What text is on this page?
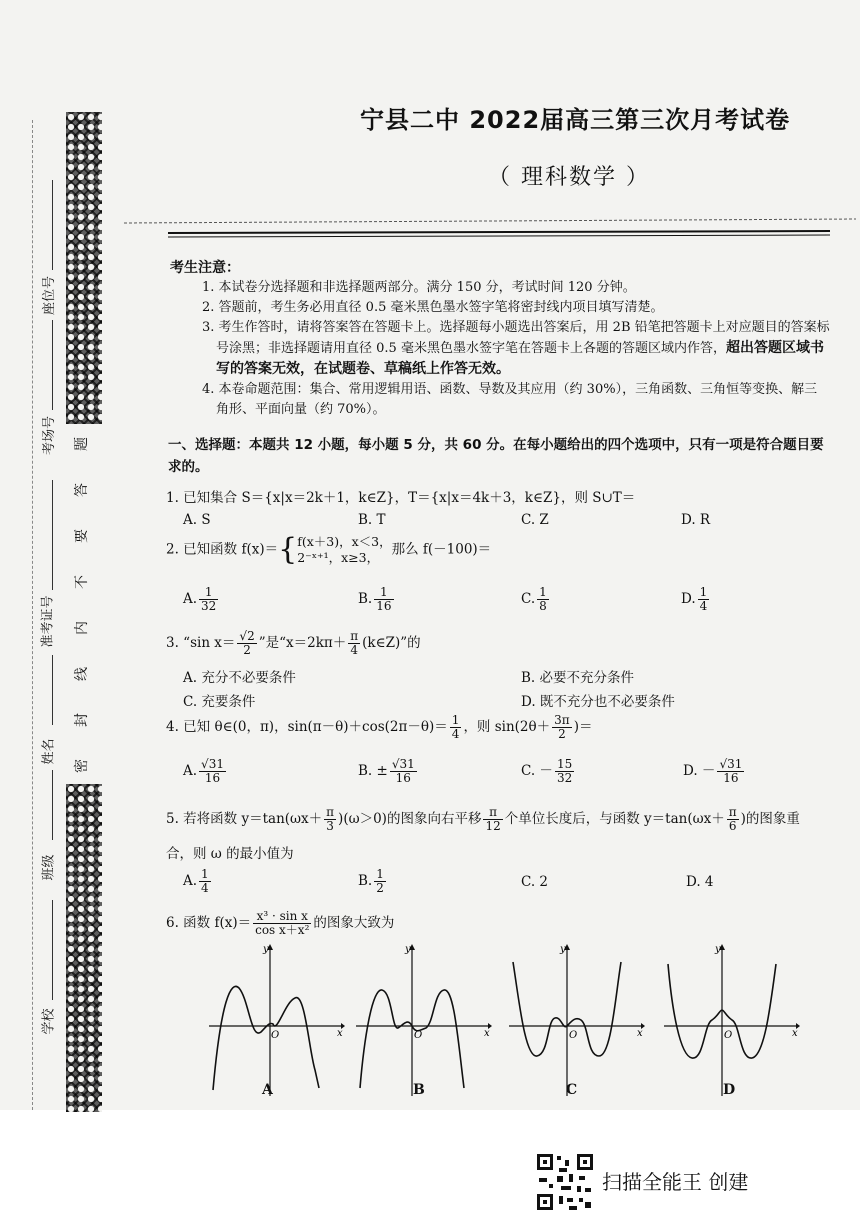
题
答
要
不
内
线
封
密
座位号
考场号
准考证号
姓名
班级
学校
宁县二中 2022届高三第三次月考试卷
（ 理科数学 ）
考生注意：
1. 本试卷分选择题和非选择题两部分。满分 150 分，考试时间 120 分钟。
2. 答题前，考生务必用直径 0.5 毫米黑色墨水签字笔将密封线内项目填写清楚。
3. 考生作答时，请将答案答在答题卡上。选择题每小题选出答案后，用 2B 铅笔把答题卡上对应题目的答案标号涂黑；非选择题请用直径 0.5 毫米黑色墨水签字笔在答题卡上各题的答题区域内作答，超出答题区域书写的答案无效，在试题卷、草稿纸上作答无效。
4. 本卷命题范围：集合、常用逻辑用语、函数、导数及其应用（约 30%），三角函数、三角恒等变换、解三角形、平面向量（约 70%）。
一、选择题：本题共 12 小题，每小题 5 分，共 60 分。在每小题给出的四个选项中，只有一项是符合题目要求的。
1. 已知集合 S＝{x|x＝2k＋1，k∈Z}，T＝{x|x＝4k＋3，k∈Z}，则 S∪T＝
A. S	B. T	C. Z	D. R
2. 已知函数 f(x)＝{ f(x＋3)，x＜3，
2⁻ˣ⁺¹，x≥3， 那么 f(－100)＝
A. $\frac{1}{32}$	B. $\frac{1}{16}$	C. $\frac{1}{8}$	D. $\frac{1}{4}$
3. “sin $x= \frac{√2}{2}$ ”是“$x=2k\pi+ \frac{\pi}{4}$ (k∈Z)”的
A. 充分不必要条件	B. 必要不充分条件
C. 充要条件	D. 既不充分也不必要条件
4. 已知 θ∈(0，π)，$\sin(\pi-\theta)+\cos(2\pi-\theta)= \frac{1}{4}$ ，则 $\sin(2\theta+ \frac{3\pi}{2}$ )＝
A. $\frac{√31}{16}$	B. ± $\frac{√31}{16}$	C. － $\frac{15}{32}$	D. － $\frac{√31}{16}$
5. 若将函数 $y=\tan(\omega x+ \frac{\pi}{3} )(\omega>0)$的图象向右平移 $\frac{\pi}{12}$ 个单位长度后，与函数 $y=\tan(\omega x+ \frac{\pi}{6}$ )的图象重
合，则 ω 的最小值为
A. $\frac{1}{4}$	B. $\frac{1}{2}$	C. 2	D. 4
6. 函数 $f(x)= \frac{\text{x³ · sin x}}{\text{cos x＋x²}}$ 的图象大致为
y
x
O
y
x
O
y
x
O
y
x
O
A	B	C	D
扫描全能王 创建
